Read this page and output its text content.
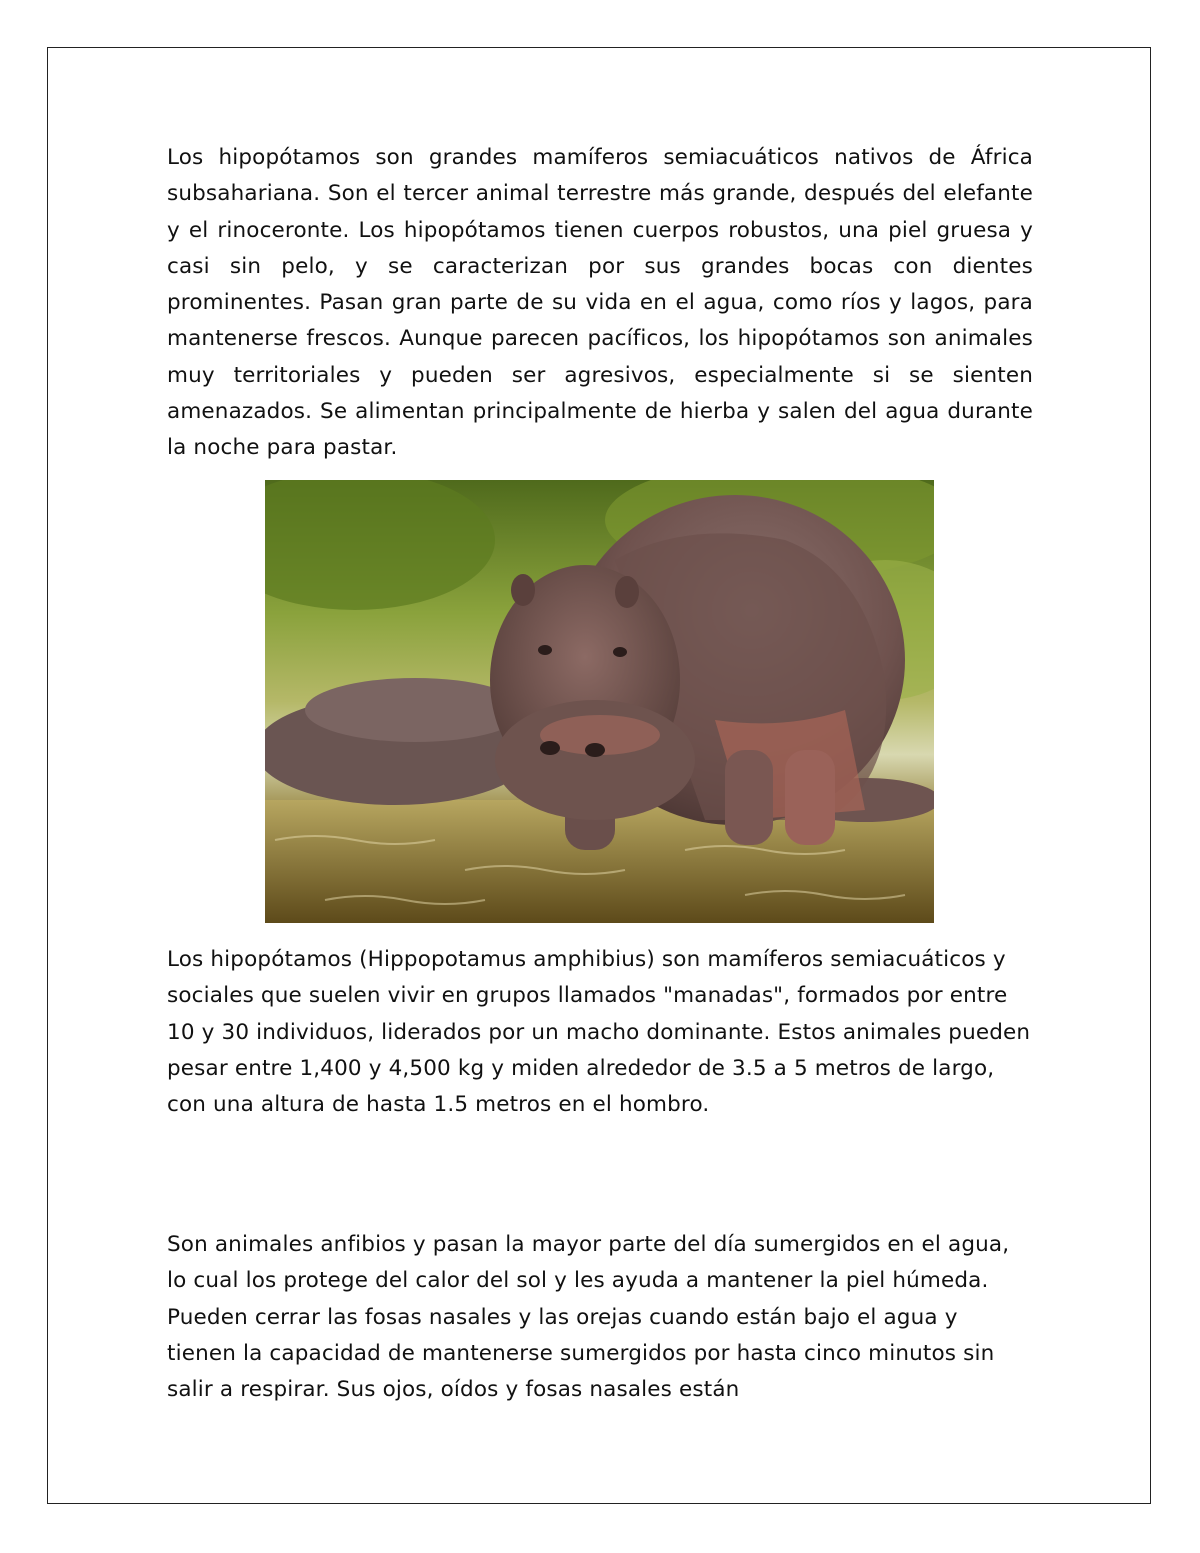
Los hipopótamos son grandes mamíferos semiacuáticos nativos de África subsahariana. Son el tercer animal terrestre más grande, después del elefante y el rinoceronte. Los hipopótamos tienen cuerpos robustos, una piel gruesa y casi sin pelo, y se caracterizan por sus grandes bocas con dientes prominentes. Pasan gran parte de su vida en el agua, como ríos y lagos, para mantenerse frescos. Aunque parecen pacíficos, los hipopótamos son animales muy territoriales y pueden ser agresivos, especialmente si se sienten amenazados. Se alimentan principalmente de hierba y salen del agua durante la noche para pastar.

Los hipopótamos (Hippopotamus amphibius) son mamíferos semiacuáticos y sociales que suelen vivir en grupos llamados "manadas", formados por entre 10 y 30 individuos, liderados por un macho dominante. Estos animales pueden pesar entre 1,400 y 4,500 kg y miden alrededor de 3.5 a 5 metros de largo, con una altura de hasta 1.5 metros en el hombro.

Son animales anfibios y pasan la mayor parte del día sumergidos en el agua, lo cual los protege del calor del sol y les ayuda a mantener la piel húmeda. Pueden cerrar las fosas nasales y las orejas cuando están bajo el agua y tienen la capacidad de mantenerse sumergidos por hasta cinco minutos sin salir a respirar. Sus ojos, oídos y fosas nasales están
